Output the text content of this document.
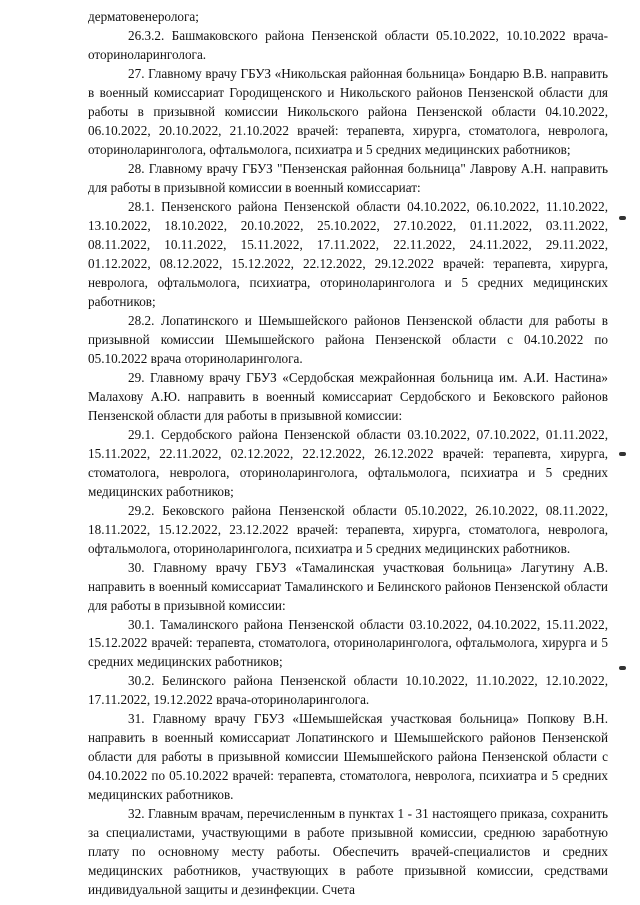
дерматовенеролога;

26.3.2. Башмаковского района Пензенской области 05.10.2022, 10.10.2022 врача-оториноларинголога.

27. Главному врачу ГБУЗ «Никольская районная больница» Бондарю В.В. направить в военный комиссариат Городищенского и Никольского районов Пензенской области для работы в призывной комиссии Никольского района Пензенской области 04.10.2022, 06.10.2022, 20.10.2022, 21.10.2022 врачей: терапевта, хирурга, стоматолога, невролога, оториноларинголога, офтальмолога, психиатра и 5 средних медицинских работников;

28. Главному врачу ГБУЗ "Пензенская районная больница" Лаврову А.Н. направить для работы в призывной комиссии в военный комиссариат:

28.1. Пензенского района Пензенской области 04.10.2022, 06.10.2022, 11.10.2022, 13.10.2022, 18.10.2022, 20.10.2022, 25.10.2022, 27.10.2022, 01.11.2022, 03.11.2022, 08.11.2022, 10.11.2022, 15.11.2022, 17.11.2022, 22.11.2022, 24.11.2022, 29.11.2022, 01.12.2022, 08.12.2022, 15.12.2022, 22.12.2022, 29.12.2022 врачей: терапевта, хирурга, невролога, офтальмолога, психиатра, оториноларинголога и 5 средних медицинских работников;

28.2. Лопатинского и Шемышейского районов Пензенской области для работы в призывной комиссии Шемышейского района Пензенской области с 04.10.2022 по 05.10.2022 врача оториноларинголога.

29. Главному врачу ГБУЗ «Сердобская межрайонная больница им. А.И. Настина» Малахову А.Ю. направить в военный комиссариат Сердобского и Бековского районов Пензенской области для работы в призывной комиссии:

29.1. Сердобского района Пензенской области 03.10.2022, 07.10.2022, 01.11.2022, 15.11.2022, 22.11.2022, 02.12.2022, 22.12.2022, 26.12.2022 врачей: терапевта, хирурга, стоматолога, невролога, оториноларинголога, офтальмолога, психиатра и 5 средних медицинских работников;

29.2. Бековского района Пензенской области 05.10.2022, 26.10.2022, 08.11.2022, 18.11.2022, 15.12.2022, 23.12.2022 врачей: терапевта, хирурга, стоматолога, невролога, офтальмолога, оториноларинголога, психиатра и 5 средних медицинских работников.

30. Главному врачу ГБУЗ «Тамалинская участковая больница» Лагутину А.В. направить в военный комиссариат Тамалинского и Белинского районов Пензенской области для работы в призывной комиссии:

30.1. Тамалинского района Пензенской области 03.10.2022, 04.10.2022, 15.11.2022, 15.12.2022 врачей: терапевта, стоматолога, оториноларинголога, офтальмолога, хирурга и 5 средних медицинских работников;

30.2. Белинского района Пензенской области 10.10.2022, 11.10.2022, 12.10.2022, 17.11.2022, 19.12.2022 врача-оториноларинголога.

31. Главному врачу ГБУЗ «Шемышейская участковая больница» Попкову В.Н. направить в военный комиссариат Лопатинского и Шемышейского районов Пензенской области для работы в призывной комиссии Шемышейского района Пензенской области с 04.10.2022 по 05.10.2022 врачей: терапевта, стоматолога, невролога, психиатра и 5 средних медицинских работников.

32. Главным врачам, перечисленным в пунктах 1 - 31 настоящего приказа, сохранить за специалистами, участвующими в работе призывной комиссии, среднюю заработную плату по основному месту работы. Обеспечить врачей-специалистов и средних медицинских работников, участвующих в работе призывной комиссии, средствами индивидуальной защиты и дезинфекции. Счета
